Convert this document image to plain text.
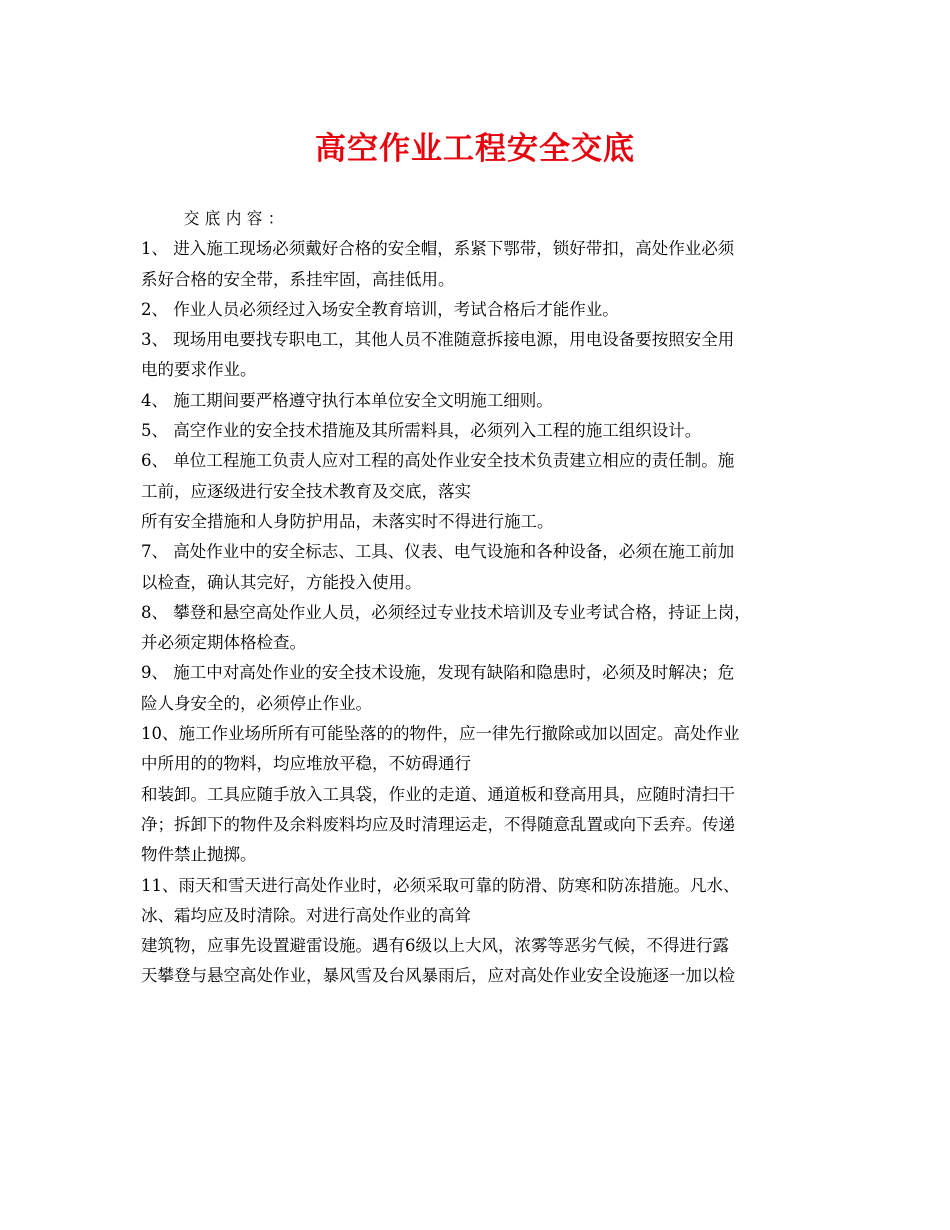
高空作业工程安全交底
交底内容：
1、 进入施工现场必须戴好合格的安全帽，系紧下鄂带，锁好带扣，高处作业必须
系好合格的安全带，系挂牢固，高挂低用。
2、 作业人员必须经过入场安全教育培训，考试合格后才能作业。
3、 现场用电要找专职电工，其他人员不准随意拆接电源，用电设备要按照安全用
电的要求作业。
4、 施工期间要严格遵守执行本单位安全文明施工细则。
5、 高空作业的安全技术措施及其所需料具，必须列入工程的施工组织设计。
6、 单位工程施工负责人应对工程的高处作业安全技术负责建立相应的责任制。施
工前，应逐级进行安全技术教育及交底，落实
所有安全措施和人身防护用品，未落实时不得进行施工。
7、 高处作业中的安全标志、工具、仪表、电气设施和各种设备，必须在施工前加
以检查，确认其完好，方能投入使用。
8、 攀登和悬空高处作业人员，必须经过专业技术培训及专业考试合格，持证上岗，
并必须定期体格检查。
9、 施工中对高处作业的安全技术设施，发现有缺陷和隐患时，必须及时解决；危
险人身安全的，必须停止作业。
10、施工作业场所所有可能坠落的的物件，应一律先行撤除或加以固定。高处作业
中所用的的物料，均应堆放平稳，不妨碍通行
和装卸。工具应随手放入工具袋，作业的走道、通道板和登高用具，应随时清扫干
净；拆卸下的物件及余料废料均应及时清理运走，不得随意乱置或向下丢弃。传递
物件禁止抛掷。
11、雨天和雪天进行高处作业时，必须采取可靠的防滑、防寒和防冻措施。凡水、
冰、霜均应及时清除。对进行高处作业的高耸
建筑物，应事先设置避雷设施。遇有6级以上大风，浓雾等恶劣气候，不得进行露
天攀登与悬空高处作业，暴风雪及台风暴雨后，应对高处作业安全设施逐一加以检
